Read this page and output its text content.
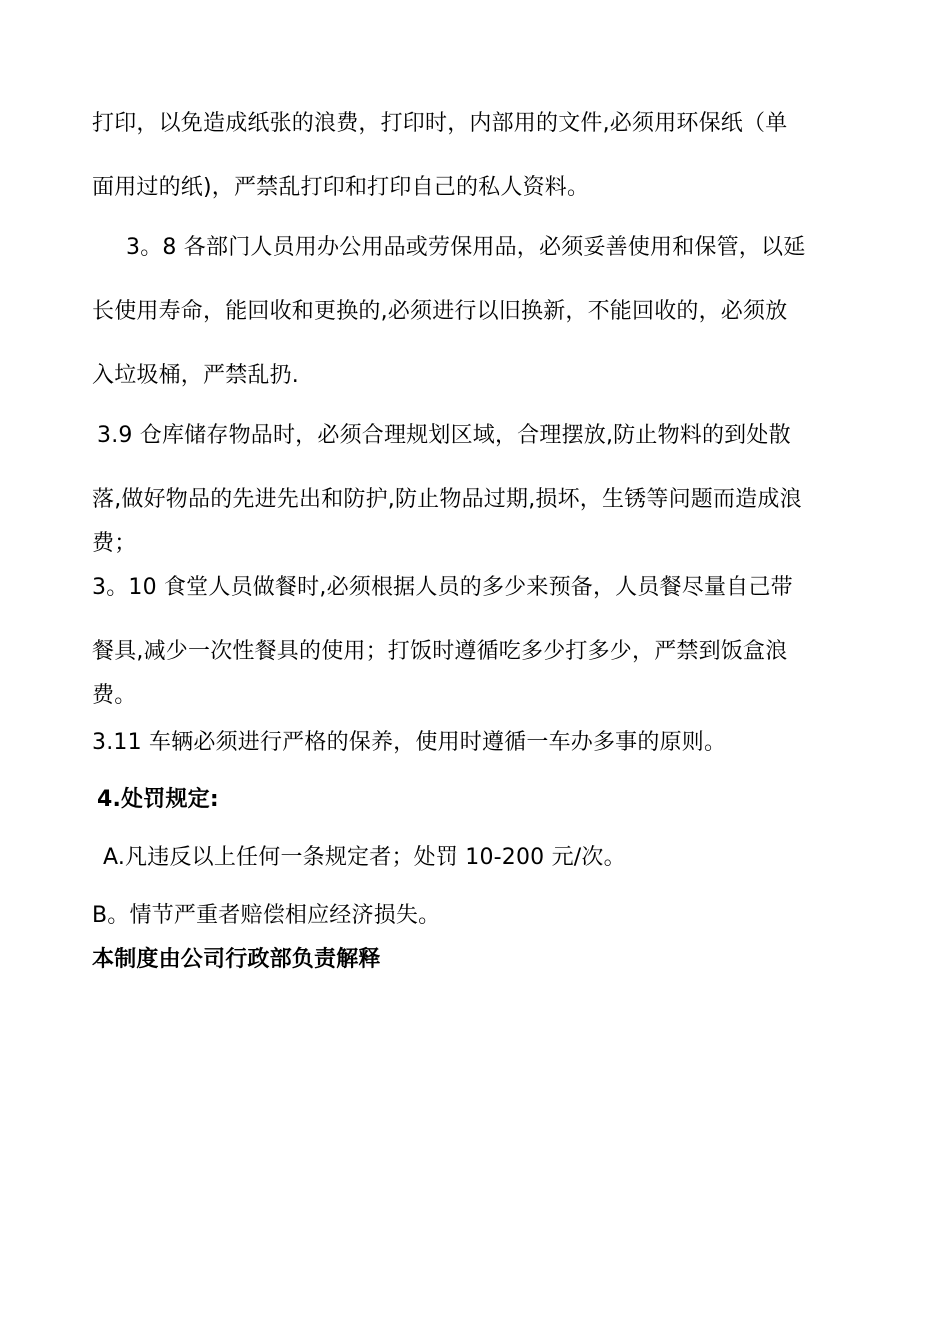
打印，以免造成纸张的浪费，打印时，内部用的文件,必须用环保纸（单

面用过的纸)，严禁乱打印和打印自己的私人资料。

3。8 各部门人员用办公用品或劳保用品，必须妥善使用和保管，以延

长使用寿命，能回收和更换的,必须进行以旧换新，不能回收的，必须放

入垃圾桶，严禁乱扔.

3.9 仓库储存物品时，必须合理规划区域，合理摆放,防止物料的到处散

落,做好物品的先进先出和防护,防止物品过期,损坏，生锈等问题而造成浪

费；

3。10 食堂人员做餐时,必须根据人员的多少来预备，人员餐尽量自己带

餐具,减少一次性餐具的使用；打饭时遵循吃多少打多少，严禁到饭盒浪

费。

3.11 车辆必须进行严格的保养，使用时遵循一车办多事的原则。

4.处罚规定:

A.凡违反以上任何一条规定者；处罚 10-200 元/次。

B。情节严重者赔偿相应经济损失。

本制度由公司行政部负责解释
